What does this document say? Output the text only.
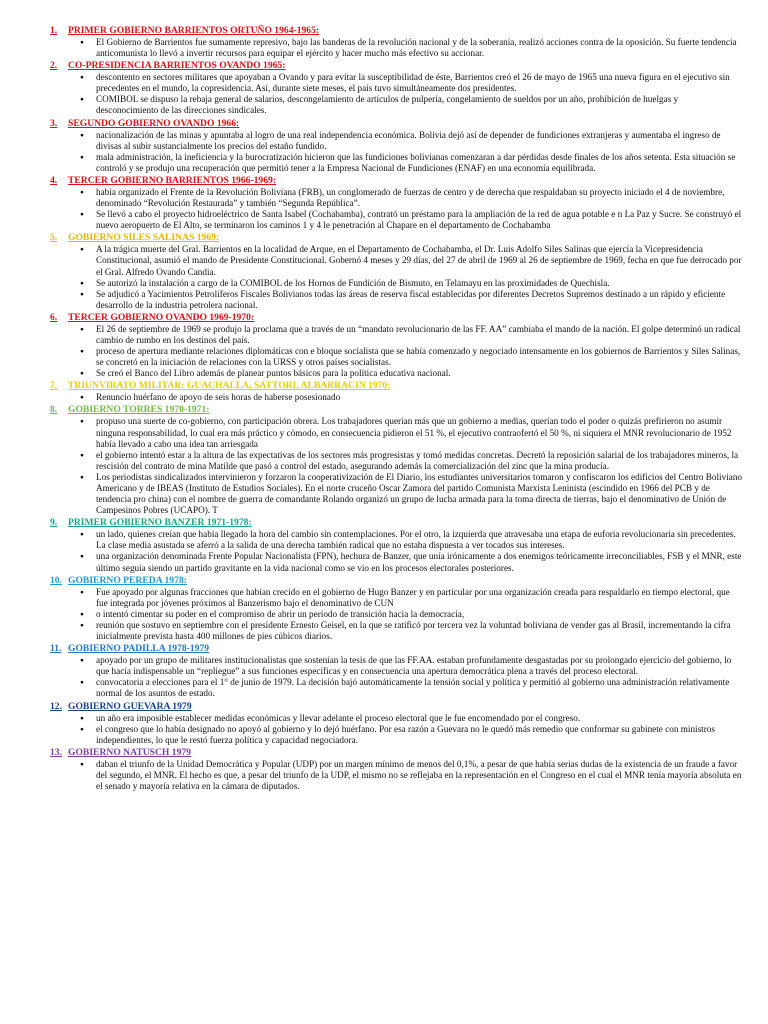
1.	PRIMER GOBIERNO BARRIENTOS ORTUÑO 1964-1965:
● El Gobierno de Barrientos fue sumamente represivo, bajo las banderas de la revolución nacional y de la soberanía, realizó acciones contra de la oposición. Su fuerte tendencia anticomunista lo llevó a invertir recursos para equipar el ejército y hacer mucho más efectivo su accionar.
2.	CO-PRESIDENCIA BARRIENTOS OVANDO 1965:
● descontento en sectores militares que apoyaban a Ovando y para evitar la susceptibilidad de éste, Barrientos creó el 26 de mayo de 1965 una nueva figura en el ejecutivo sin precedentes en el mundo, la copresidencia. Así, durante siete meses, el país tuvo simultáneamente dos presidentes.
● COMIBOL se dispuso la rebaja general de salarios, descongelamiento de artículos de pulpería, congelamiento de sueldos por un año, prohibición de huelgas y desconocimiento de las direcciones sindicales.
3.	SEGUNDO GOBIERNO OVANDO 1966:
● nacionalización de las minas y apuntaba al logro de una real independencia económica. Bolivia dejó así de depender de fundiciones extranjeras y aumentaba el ingreso de divisas al subir sustancialmente los precios del estaño fundido.
● mala administración, la ineficiencia y la burocratización hicieron que las fundiciones bolivianas comenzaran a dar pérdidas desde finales de los años setenta. Esta situación se controló y se produjo una recuperación que permitió tener a la Empresa Nacional de Fundiciones (ENAF) en una economía equilibrada.
4.	TERCER GOBIERNO BARRIENTOS 1966-1969:
● había organizado el Frente de la Revolución Boliviana (FRB), un conglomerado de fuerzas de centro y de derecha que respaldaban su proyecto iniciado el 4 de noviembre, denominado “Revolución Restaurada” y también “Segunda República”.
● Se llevó a cabo el proyecto hidroeléctrico de Santa Isabel (Cochabamba), contrató un préstamo para la ampliación de la red de agua potable e n La Paz y Sucre. Se construyó el nuevo aeropuerto de El Alto, se terminaron los caminos 1 y 4 le penetración al Chapare en el departamento de Cochabamba
5.	GOBIERNO SILES SALINAS 1969:
● A la trágica muerte del Gral. Barrientos en la localidad de Arque, en el Departamento de Cochabamba, el Dr. Luis Adolfo Siles Salinas que ejercía la Vicepresidencia Constitucional, asumió el mando de Presidente Constitucional. Gobernó 4 meses y 29 días, del 27 de abril de 1969 al 26 de septiembre de 1969, fecha en que fue derrocado por el Gral. Alfredo Ovando Candia.
● Se autorizó la instalación a cargo de la COMIBOL de los Hornos de Fundición de Bismuto, en Telamayu en las proximidades de Quechisla.
● Se adjudicó a Yacimientos Petrolíferos Fiscales Bolivianos todas las áreas de reserva fiscal establecidas por diferentes Decretos Supremos destinado a un rápido y eficiente desarrollo de la industria petrolera nacional.
6.	TERCER GOBIERNO OVANDO 1969-1970:
● El 26 de septiembre de 1969 se produjo la proclama que a través de un “mandato revolucionario de las FF. AA” cambiaba el mando de la nación. El golpe determinó un radical cambio de rumbo en los destinos del país.
● proceso de apertura mediante relaciones diplomáticas con e bloque socialista que se había comenzado y negociado intensamente en los gobiernos de Barrientos y Siles Salinas, se concretó en la iniciación de relaciones con la URSS y otros países socialistas.
● Se creó el Banco del Libro además de planear puntos básicos para la política educativa nacional.
7.	TRIUNVIRATO MILITAR: GUACHALLA, SATTORI, ALBARRACIN 1970:
● Renuncio huérfano de apoyo de seis horas de haberse posesionado
8.	GOBIERNO TORRES 1970-1971:
● propuso una suerte de co-gobierno, con participación obrera. Los trabajadores querían más que un gobierno a medias, querían todo el poder o quizás prefirieron no asumir ninguna responsabilidad, lo cual era más práctico y cómodo, en consecuencia pidieron el 51 %, el ejecutivo contraofertó el 50 %, ni siquiera el MNR revolucionario de 1952 había llevado a cabo una idea tan arriesgada
● el gobierno intentó estar a la altura de las expectativas de los sectores más progresistas y tomó medidas concretas. Decretó la reposición salarial de los trabajadores mineros, la rescisión del contrato de mina Matilde que pasó a control del estado, asegurando además la comercialización del zinc que la mina producía.
● Los periodistas sindicalizados intervinieron y forzaron la cooperativización de El Diario, los estudiantes universitarios tomaron y confiscaron los edificios del Centro Boliviano Americano y de IBEAS (Instituto de Estudios Sociales). En el norte cruceño Oscar Zamora del partido Comunista Marxista Leninista (escindido en 1966 del PCB y de tendencia pro china) con el nombre de guerra de comandante Rolando organizó un grupo de lucha armada para la toma directa de tierras, bajo el denominativo de Unión de Campesinos Pobres (UCAPO). T
9.	PRIMER GOBIERNO BANZER 1971-1978:
● un lado, quienes creían que había llegado la hora del cambio sin contemplaciones. Por el otro, la izquierda que atravesaba una etapa de euforia revolucionaria sin precedentes. La clase media asustada se aferró a la salida de una derecha también radical que no estaba dispuesta a ver tocados sus intereses.
● una organización denominada Frente Popular Nacionalista (FPN), hechura de Banzer, que unía irónicamente a dos enemigos teóricamente irreconciliables, FSB y el MNR, este último seguía siendo un partido gravitante en la vida nacional como se vio en los procesos electorales posteriores.
10. GOBIERNO PEREDA 1978:
● Fue apoyado por algunas fracciones que habían crecido en el gobierno de Hugo Banzer y en particular por una organización creada para respaldarlo en tiempo electoral, que fue integrada por jóvenes próximos al Banzerismo bajo el denominativo de CUN
● o intentó cimentar su poder en el compromiso de abrir un período de transición hacia la democracia,
● reunión que sostuvo en septiembre con el presidente Ernesto Geisel, en la que se ratificó por tercera vez la voluntad boliviana de vender gas al Brasil, incrementando la cifra inicialmente prevista hasta 400 millones de pies cúbicos diarios.
11. GOBIERNO PADILLA 1978-1979
● apoyado por un grupo de militares institucionalistas que sostenían la tesis de que las FF.AA. estaban profundamente desgastadas por su prolongado ejercicio del gobierno, lo que hacía indispensable un “repliegue” a sus funciones específicas y en consecuencia una apertura democrática plena a través del proceso electoral.
● convocatoria a elecciones para el 1° de junio de 1979. La decisión bajó automáticamente la tensión social y política y permitió al gobierno una administración relativamente normal de los asuntos de estado.
12. GOBIERNO GUEVARA 1979
● un año era imposible establecer medidas económicas y llevar adelante el proceso electoral que le fue encomendado por el congreso.
● el congreso que lo había designado no apoyó al gobierno y lo dejó huérfano. Por esa razón a Guevara no le quedó más remedio que conformar su gabinete con ministros independientes, lo que le restó fuerza política y capacidad negociadora.
13. GOBIERNO NATUSCH 1979
● daban el triunfo de la Unidad Democrática y Popular (UDP) por un margen mínimo de menos del 0,1%, a pesar de que había serias dudas de la existencia de un fraude a favor del segundo, el MNR. El hecho es que, a pesar del triunfo de la UDP, el mismo no se reflejaba en la representación en el Congreso en el cual el MNR tenía mayoría absoluta en el senado y mayoría relativa en la cámara de diputados.
